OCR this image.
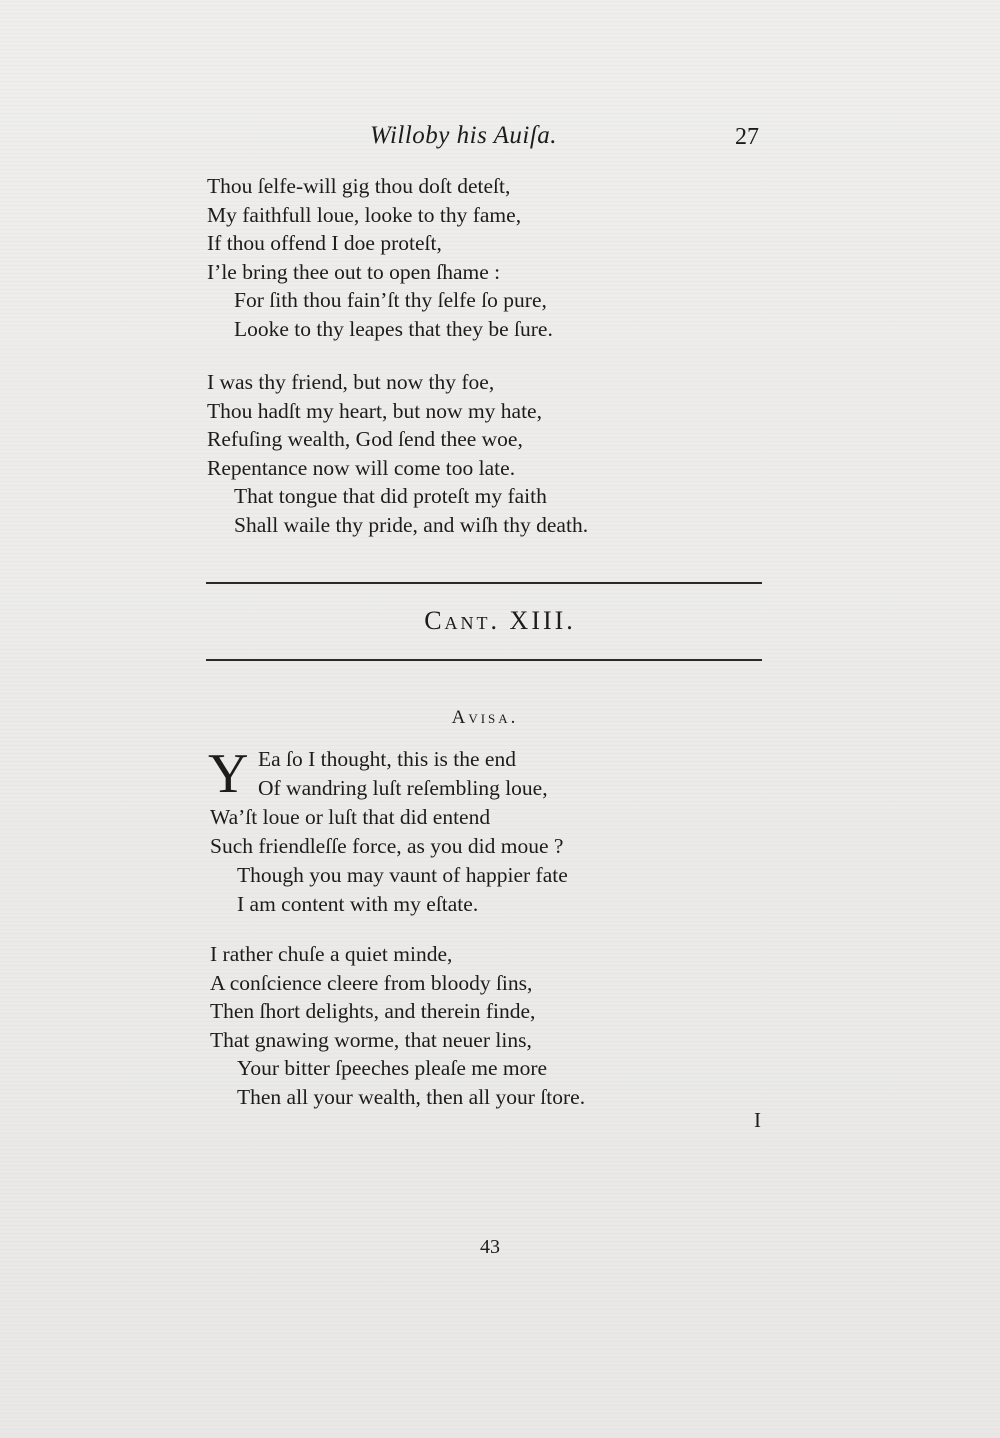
Willoby his Auiſa.	27
Thou ſelfe-will gig thou doſt deteſt,
My faithfull loue, looke to thy fame,
If thou offend I doe proteſt,
I’le bring thee out to open ſhame :
For ſith thou fain’ſt thy ſelfe ſo pure,
Looke to thy leapes that they be ſure.
I was thy friend, but now thy foe,
Thou hadſt my heart, but now my hate,
Refuſing wealth, God ſend thee woe,
Repentance now will come too late.
That tongue that did proteſt my faith
Shall waile thy pride, and wiſh thy death.
Cant. XIII.
Avisa.
Y Ea ſo I thought, this is the end
Of wandring luſt reſembling loue,
Wa’ſt loue or luſt that did entend
Such friendleſſe force, as you did moue ?
Though you may vaunt of happier fate
I am content with my eſtate.
I rather chuſe a quiet minde,
A conſcience cleere from bloody ſins,
Then ſhort delights, and therein finde,
That gnawing worme, that neuer lins,
Your bitter ſpeeches pleaſe me more
Then all your wealth, then all your ſtore.
I
43
